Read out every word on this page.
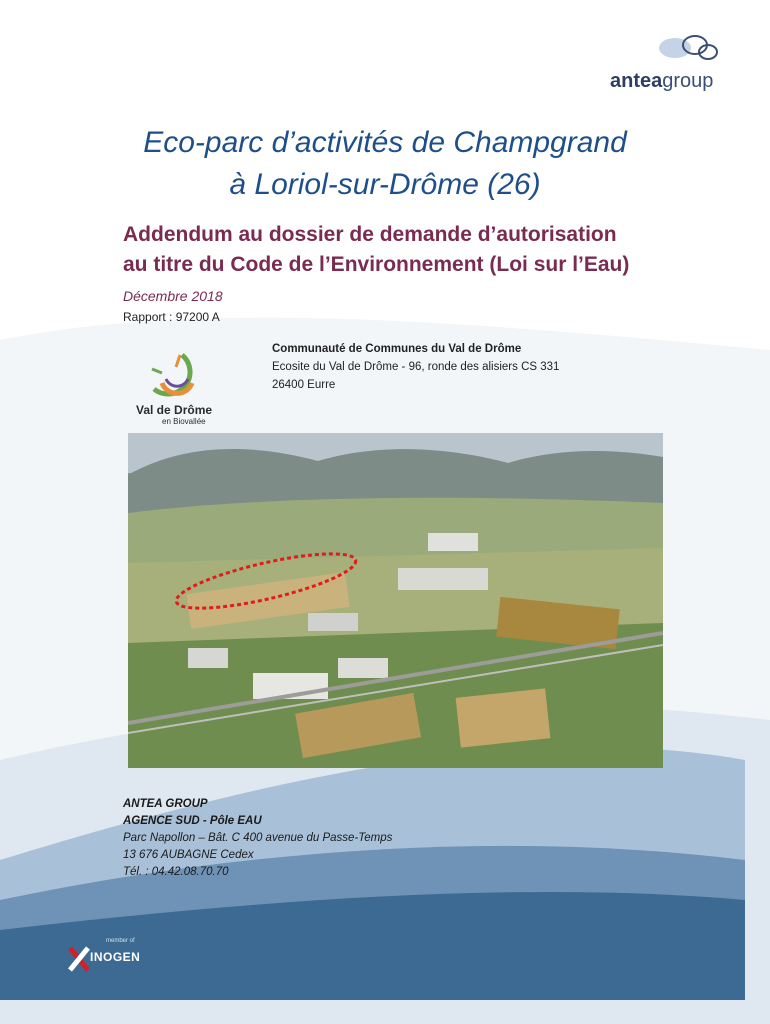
anteagroup
Eco-parc d’activités de Champgrand
à Loriol-sur-Drôme (26)
Addendum au dossier de demande d’autorisation
au titre du Code de l’Environnement (Loi sur l’Eau)
Décembre 2018
Rapport : 97200 A
Val de Drôme
en Biovallée
Communauté de Communes du Val de Drôme
Ecosite du Val de Drôme - 96, ronde des alisiers CS 331
26400 Eurre
ANTEA GROUP
AGENCE SUD - Pôle EAU
Parc Napollon – Bât. C 400 avenue du Passe-Temps
13 676 AUBAGNE Cedex
Tél. : 04.42.08.70.70
member of
INOGEN
